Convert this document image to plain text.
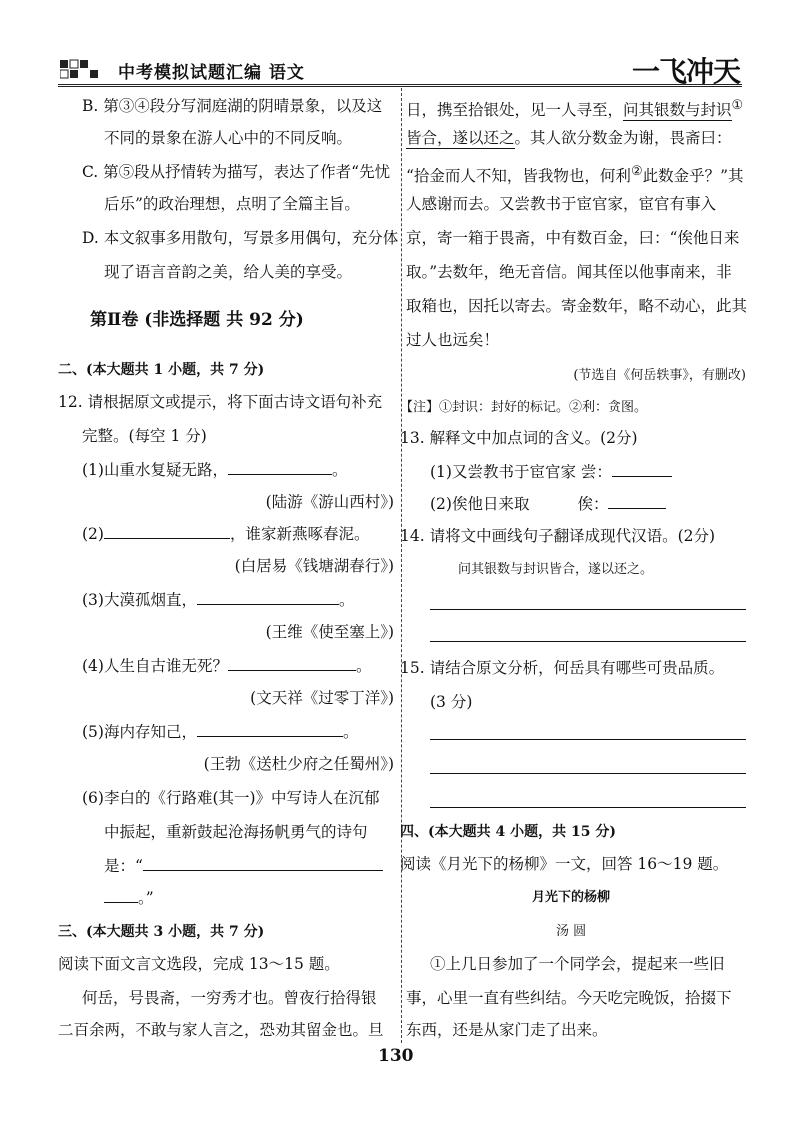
中考模拟试题汇编 语文	一飞冲天
B. 第③④段分写洞庭湖的阴晴景象，以及这
不同的景象在游人心中的不同反响。
C. 第⑤段从抒情转为描写，表达了作者“先忧
后乐”的政治理想，点明了全篇主旨。
D. 本文叙事多用散句，写景多用偶句，充分体
现了语言音韵之美，给人美的享受。
第Ⅱ卷 (非选择题 共 92 分)
二、(本大题共 1 小题，共 7 分)
12. 请根据原文或提示，将下面古诗文语句补充
完整。(每空 1 分)
(1)山重水复疑无路，	。
(陆游《游山西村》)
(2)	，谁家新燕啄春泥。
(白居易《钱塘湖春行》)
(3)大漠孤烟直，	。
(王维《使至塞上》)
(4)人生自古谁无死？	。
(文天祥《过零丁洋》)
(5)海内存知己，	。
(王勃《送杜少府之任蜀州》)
(6)李白的《行路难(其一)》中写诗人在沉郁
中振起，重新鼓起沧海扬帆勇气的诗句
是：“
。”
三、(本大题共 3 小题，共 7 分)
阅读下面文言文选段，完成 13～15 题。
何岳，号畏斋，一穷秀才也。曾夜行拾得银
二百余两，不敢与家人言之，恐劝其留金也。旦
日，携至拾银处，见一人寻至，问其银数与封识①
皆合，遂以还之。其人欲分数金为谢，畏斋曰：
“拾金而人不知，皆我物也，何利②此数金乎？”其
人感谢而去。又尝教书于宦官家，宦官有事入
京，寄一箱于畏斋，中有数百金，曰：“俟他日来
取。”去数年，绝无音信。闻其侄以他事南来，非
取箱也，因托以寄去。寄金数年，略不动心，此其
过人也远矣！
(节选自《何岳轶事》，有删改)
【注】①封识：封好的标记。②利：贪图。
13. 解释文中加点词的含义。(2分)
(1)又尝教书于宦官家 尝：
(2)俟他日来取	俟：
14. 请将文中画线句子翻译成现代汉语。(2分)
问其银数与封识皆合，遂以还之。
15. 请结合原文分析，何岳具有哪些可贵品质。
(3 分)
四、(本大题共 4 小题，共 15 分)
阅读《月光下的杨柳》一文，回答 16～19 题。
月光下的杨柳
汤 圆
①上几日参加了一个同学会，提起来一些旧
事，心里一直有些纠结。今天吃完晚饭，拾掇下
东西，还是从家门走了出来。
130
